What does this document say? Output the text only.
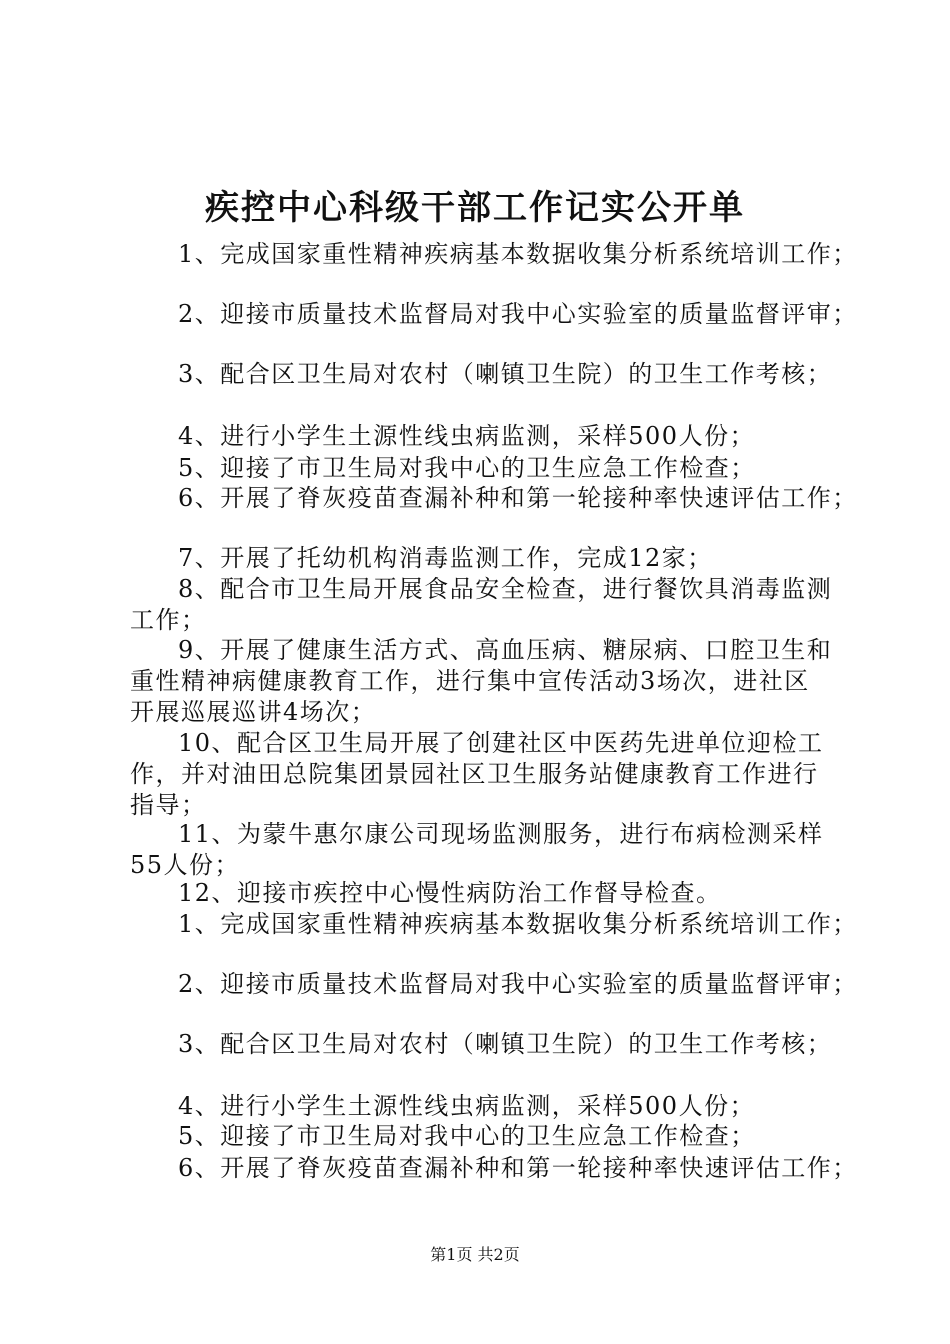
疾控中心科级干部工作记实公开单
1、完成国家重性精神疾病基本数据收集分析系统培训工作；
2、迎接市质量技术监督局对我中心实验室的质量监督评审；
3、配合区卫生局对农村（喇镇卫生院）的卫生工作考核；
4、进行小学生土源性线虫病监测，采样500人份；
5、迎接了市卫生局对我中心的卫生应急工作检查；
6、开展了脊灰疫苗查漏补种和第一轮接种率快速评估工作；
7、开展了托幼机构消毒监测工作，完成12家；
8、配合市卫生局开展食品安全检查，进行餐饮具消毒监测
工作；
9、开展了健康生活方式、高血压病、糖尿病、口腔卫生和
重性精神病健康教育工作，进行集中宣传活动3场次，进社区
开展巡展巡讲4场次；
10、配合区卫生局开展了创建社区中医药先进单位迎检工
作，并对油田总院集团景园社区卫生服务站健康教育工作进行
指导；
11、为蒙牛惠尔康公司现场监测服务，进行布病检测采样
55人份；
12、迎接市疾控中心慢性病防治工作督导检查。
1、完成国家重性精神疾病基本数据收集分析系统培训工作；
2、迎接市质量技术监督局对我中心实验室的质量监督评审；
3、配合区卫生局对农村（喇镇卫生院）的卫生工作考核；
4、进行小学生土源性线虫病监测，采样500人份；
5、迎接了市卫生局对我中心的卫生应急工作检查；
6、开展了脊灰疫苗查漏补种和第一轮接种率快速评估工作；
第1页 共2页
